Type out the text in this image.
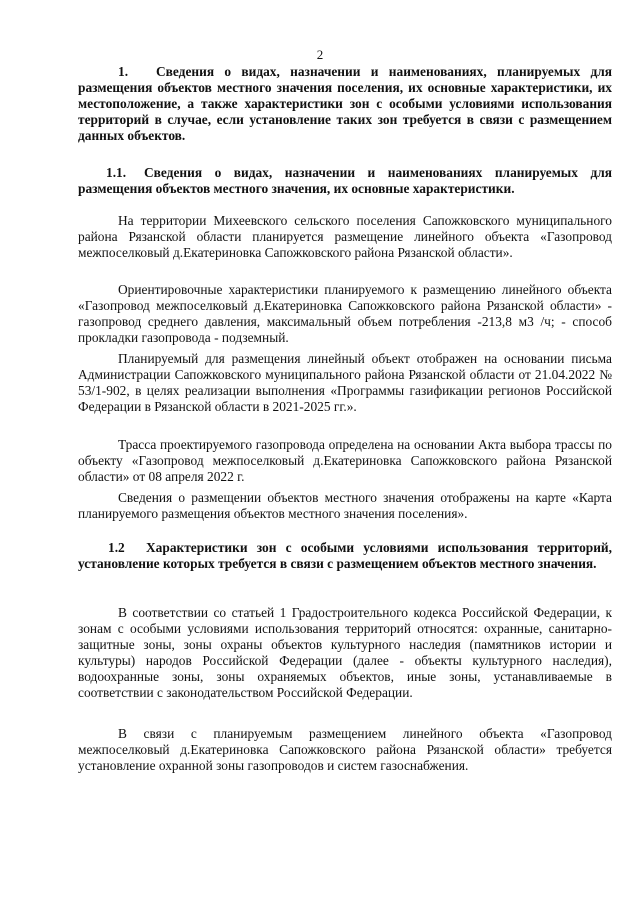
2
1. Сведения о видах, назначении и наименованиях, планируемых для размещения объектов местного значения поселения, их основные характеристики, их местоположение, а также характеристики зон с особыми условиями использования территорий в случае, если установление таких зон требуется в связи с размещением данных объектов.
1.1. Сведения о видах, назначении и наименованиях планируемых для размещения объектов местного значения, их основные характеристики.
На территории Михеевского сельского поселения Сапожковского муниципального района Рязанской области планируется размещение линейного объекта «Газопровод межпоселковый д.Екатериновка Сапожковского района Рязанской области».
Ориентировочные характеристики планируемого к размещению линейного объекта «Газопровод межпоселковый д.Екатериновка Сапожковского района Рязанской области» - газопровод среднего давления, максимальный объем потребления -213,8 м3 /ч; - способ прокладки газопровода - подземный.
Планируемый для размещения линейный объект отображен на основании письма Администрации Сапожковского муниципального района Рязанской области от 21.04.2022 № 53/1-902, в целях реализации выполнения «Программы газификации регионов Российской Федерации в Рязанской области в 2021-2025 гг.».
Трасса проектируемого газопровода определена на основании Акта выбора трассы по объекту «Газопровод межпоселковый д.Екатериновка Сапожковского района Рязанской области» от 08 апреля 2022 г.
Сведения о размещении объектов местного значения отображены на карте «Карта планируемого размещения объектов местного значения поселения».
1.2 Характеристики зон с особыми условиями использования территорий, установление которых требуется в связи с размещением объектов местного значения.
В соответствии со статьей 1 Градостроительного кодекса Российской Федерации, к зонам с особыми условиями использования территорий относятся: охранные, санитарно-защитные зоны, зоны охраны объектов культурного наследия (памятников истории и культуры) народов Российской Федерации (далее - объекты культурного наследия), водоохранные зоны, зоны охраняемых объектов, иные зоны, устанавливаемые в соответствии с законодательством Российской Федерации.
В связи с планируемым размещением линейного объекта «Газопровод межпоселковый д.Екатериновка Сапожковского района Рязанской области» требуется установление охранной зоны газопроводов и систем газоснабжения.
